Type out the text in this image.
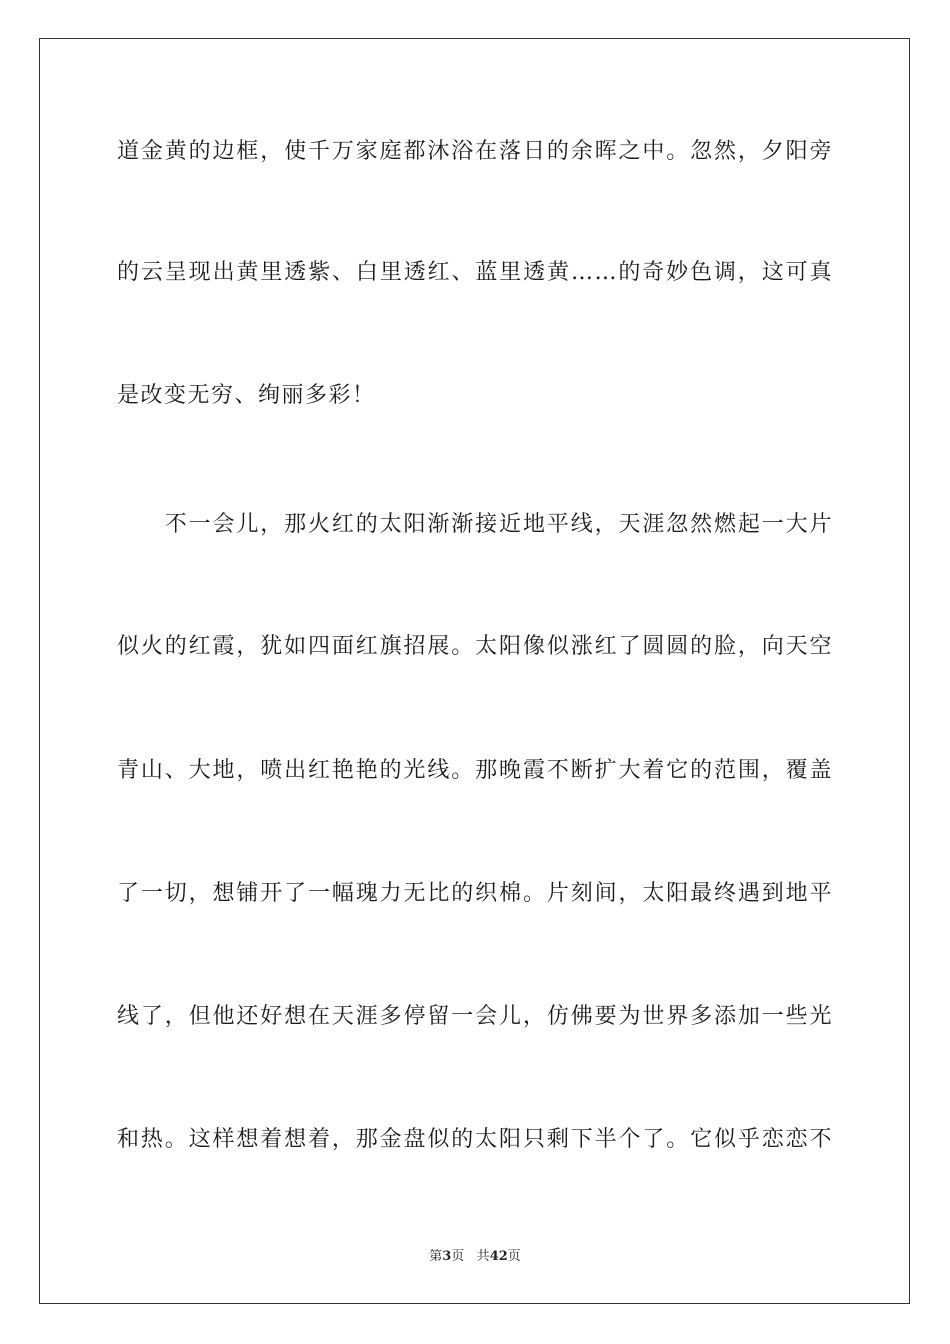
道金黄的边框，使千万家庭都沐浴在落日的余晖之中。忽然，夕阳旁
的云呈现出黄里透紫、白里透红、蓝里透黄……的奇妙色调，这可真
是改变无穷、绚丽多彩！
　　不一会儿，那火红的太阳渐渐接近地平线，天涯忽然燃起一大片
似火的红霞，犹如四面红旗招展。太阳像似涨红了圆圆的脸，向天空
青山、大地，喷出红艳艳的光线。那晚霞不断扩大着它的范围，覆盖
了一切，想铺开了一幅瑰力无比的织棉。片刻间，太阳最终遇到地平
线了，但他还好想在天涯多停留一会儿，仿佛要为世界多添加一些光
和热。这样想着想着，那金盘似的太阳只剩下半个了。它似乎恋恋不
第3页 共42页
